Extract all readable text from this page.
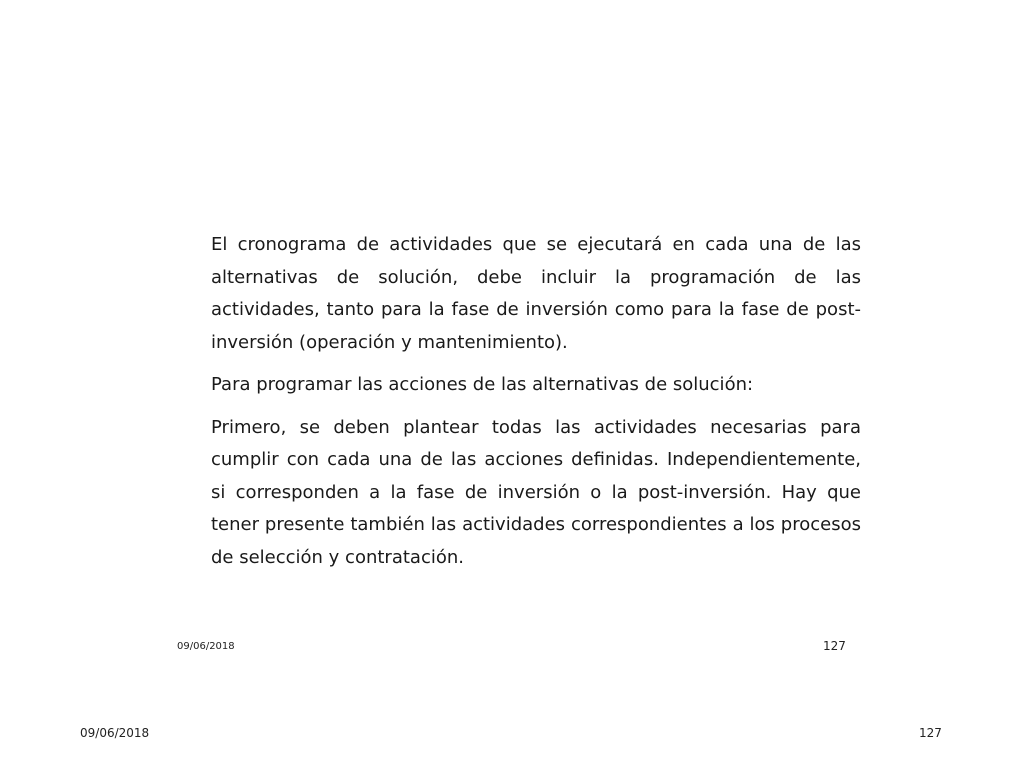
El cronograma de actividades que se ejecutará en cada una de las alternativas de solución, debe incluir la programación de las actividades, tanto para la fase de inversión como para la fase de post-inversión (operación y mantenimiento).

Para programar las acciones de las alternativas de solución:

Primero, se deben plantear todas las actividades necesarias para cumplir con cada una de las acciones definidas. Independientemente, si corresponden a la fase de inversión o la post-inversión. Hay que tener presente también las actividades correspondientes a los procesos de selección y contratación.

09/06/2018	127
09/06/2018	127
